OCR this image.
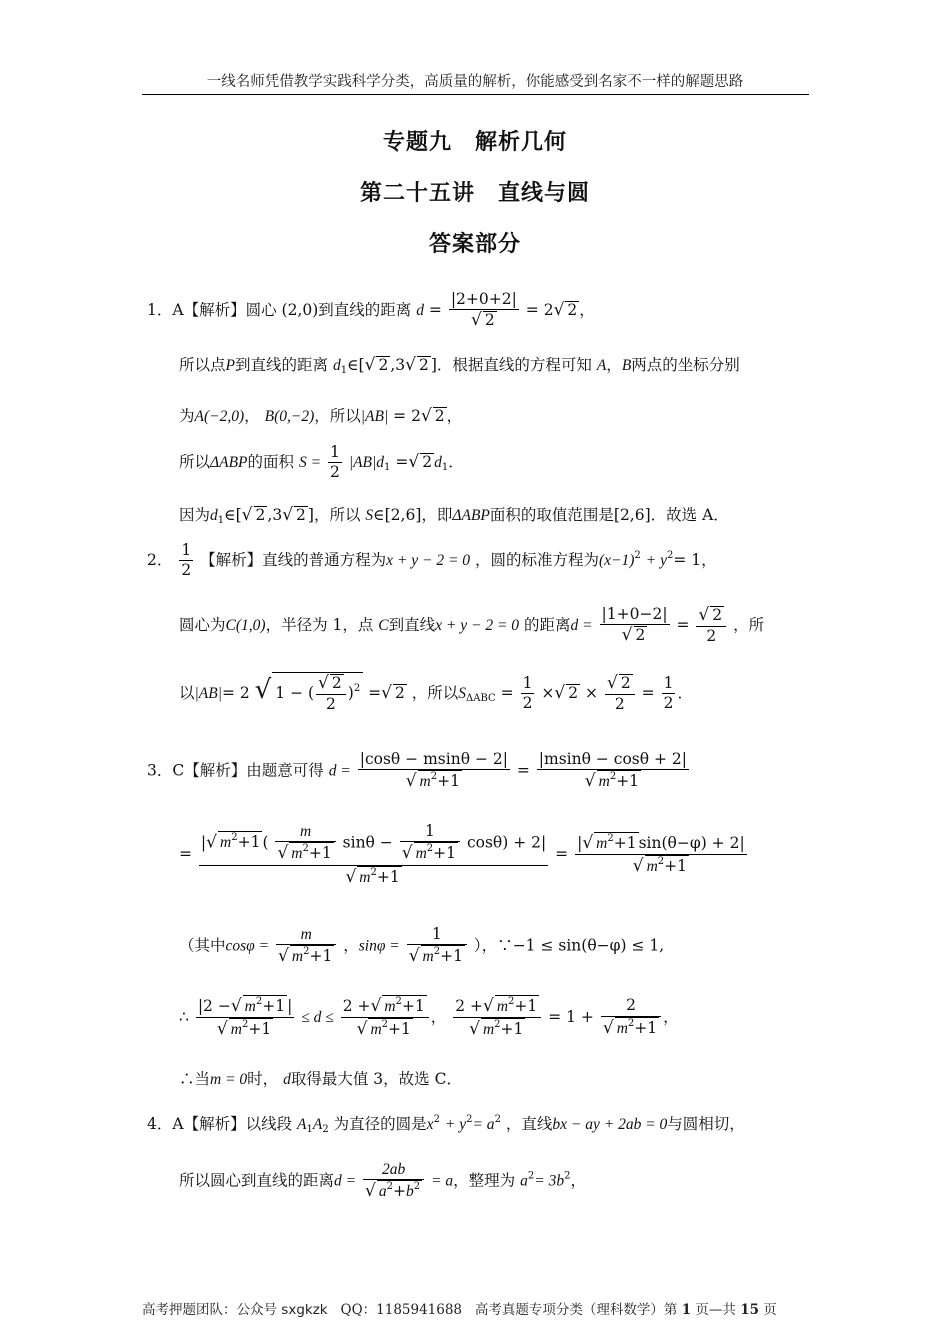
一线名师凭借教学实践科学分类，高质量的解析，你能感受到名家不一样的解题思路
专题九　解析几何
第二十五讲　直线与圆
答案部分
1．A【解析】圆心 (2,0)到直线的距离 $d = \frac{|2+0+2|}{√ 2} = 2√$ 2 ，
所以点P到直线的距离 $d_1\in[√$ 2 ,3√ 2 ]．根据直线的方程可知 A，B两点的坐标分别
为A(−2,0)， B(0,−2)，所以|AB| = 2√ 2 ，
所以ΔABP的面积 $S = \frac{1}{2} |AB|d_1$ =√ 2 $d_1$．
因为$d_1\in[√$ 2 ,3√ 2 ]，所以 S∈[2,6]，即ΔABP面积的取值范围是[2,6]．故选 A．
2． $\frac{1}{2}$ 【解析】直线的普通方程为x + y − 2 = 0 ，圆的标准方程为$(x-1)^2 + y^2= 1$，
圆心为C(1,0)，半径为 1，点 C到直线x + y − 2 = 0 的距离$d = \frac{|1+0-2|}{√ 2} = \frac{√ 2}{2}$ ，所
以|AB|= 2 √ 1 − ( $\frac{√ 2}{2} )^2$ =√ 2 ，所以$S_{\Delta ABC} = \frac{1}{2}$ ×√ $2 \times \frac{√ 2}{2} = \frac{1}{2}$ ．
3．C【解析】由题意可得 $d = \frac{|\cos\theta - msin\theta - 2|}{√ m^2+1} = \frac{|msin\theta - \cos\theta + 2|}{√ m^2+1}$
=
|√ $m^2+1$ ( $\frac{m}{√ m^2+1}$ $\sin\theta - \frac{1}{√ m^2+1} \cos\theta) + 2|$
√ $m^2+1$
= $\frac{|√ m^2+1 \sin(\theta-\varphi) + 2|}{√ m^2+1}$
（其中$\cos\varphi = \frac{m}{√ m^2+1}$ ，$\sin\varphi = \frac{1}{√ m^2+1}$ ），∵−1 ≤ sin(θ−φ) ≤ 1,
∴ $\frac{|2 -√ m^2+1 |}{√ m^2+1} \le d \le \frac{2 +√ m^2+1}{√ m^2+1}$ ， $\frac{2 +√ m^2+1}{√ m^2+1} = 1 + \frac{2}{√ m^2+1}$ ，
∴当m = 0时， d取得最大值 3，故选 C．
4．A【解析】以线段 $A_1A_2$ 为直径的圆是$x^2 + y^2= a^2$ ，直线bx − ay + 2ab = 0与圆相切，
所以圆心到直线的距离$d = \frac{2ab}{√ a^2+b^2} = a$，整理为 $a^2= 3b^2$，
高考押题团队：公众号 sxgkzk QQ：1185941688 高考真题专项分类（理科数学）第 1 页—共 15 页
